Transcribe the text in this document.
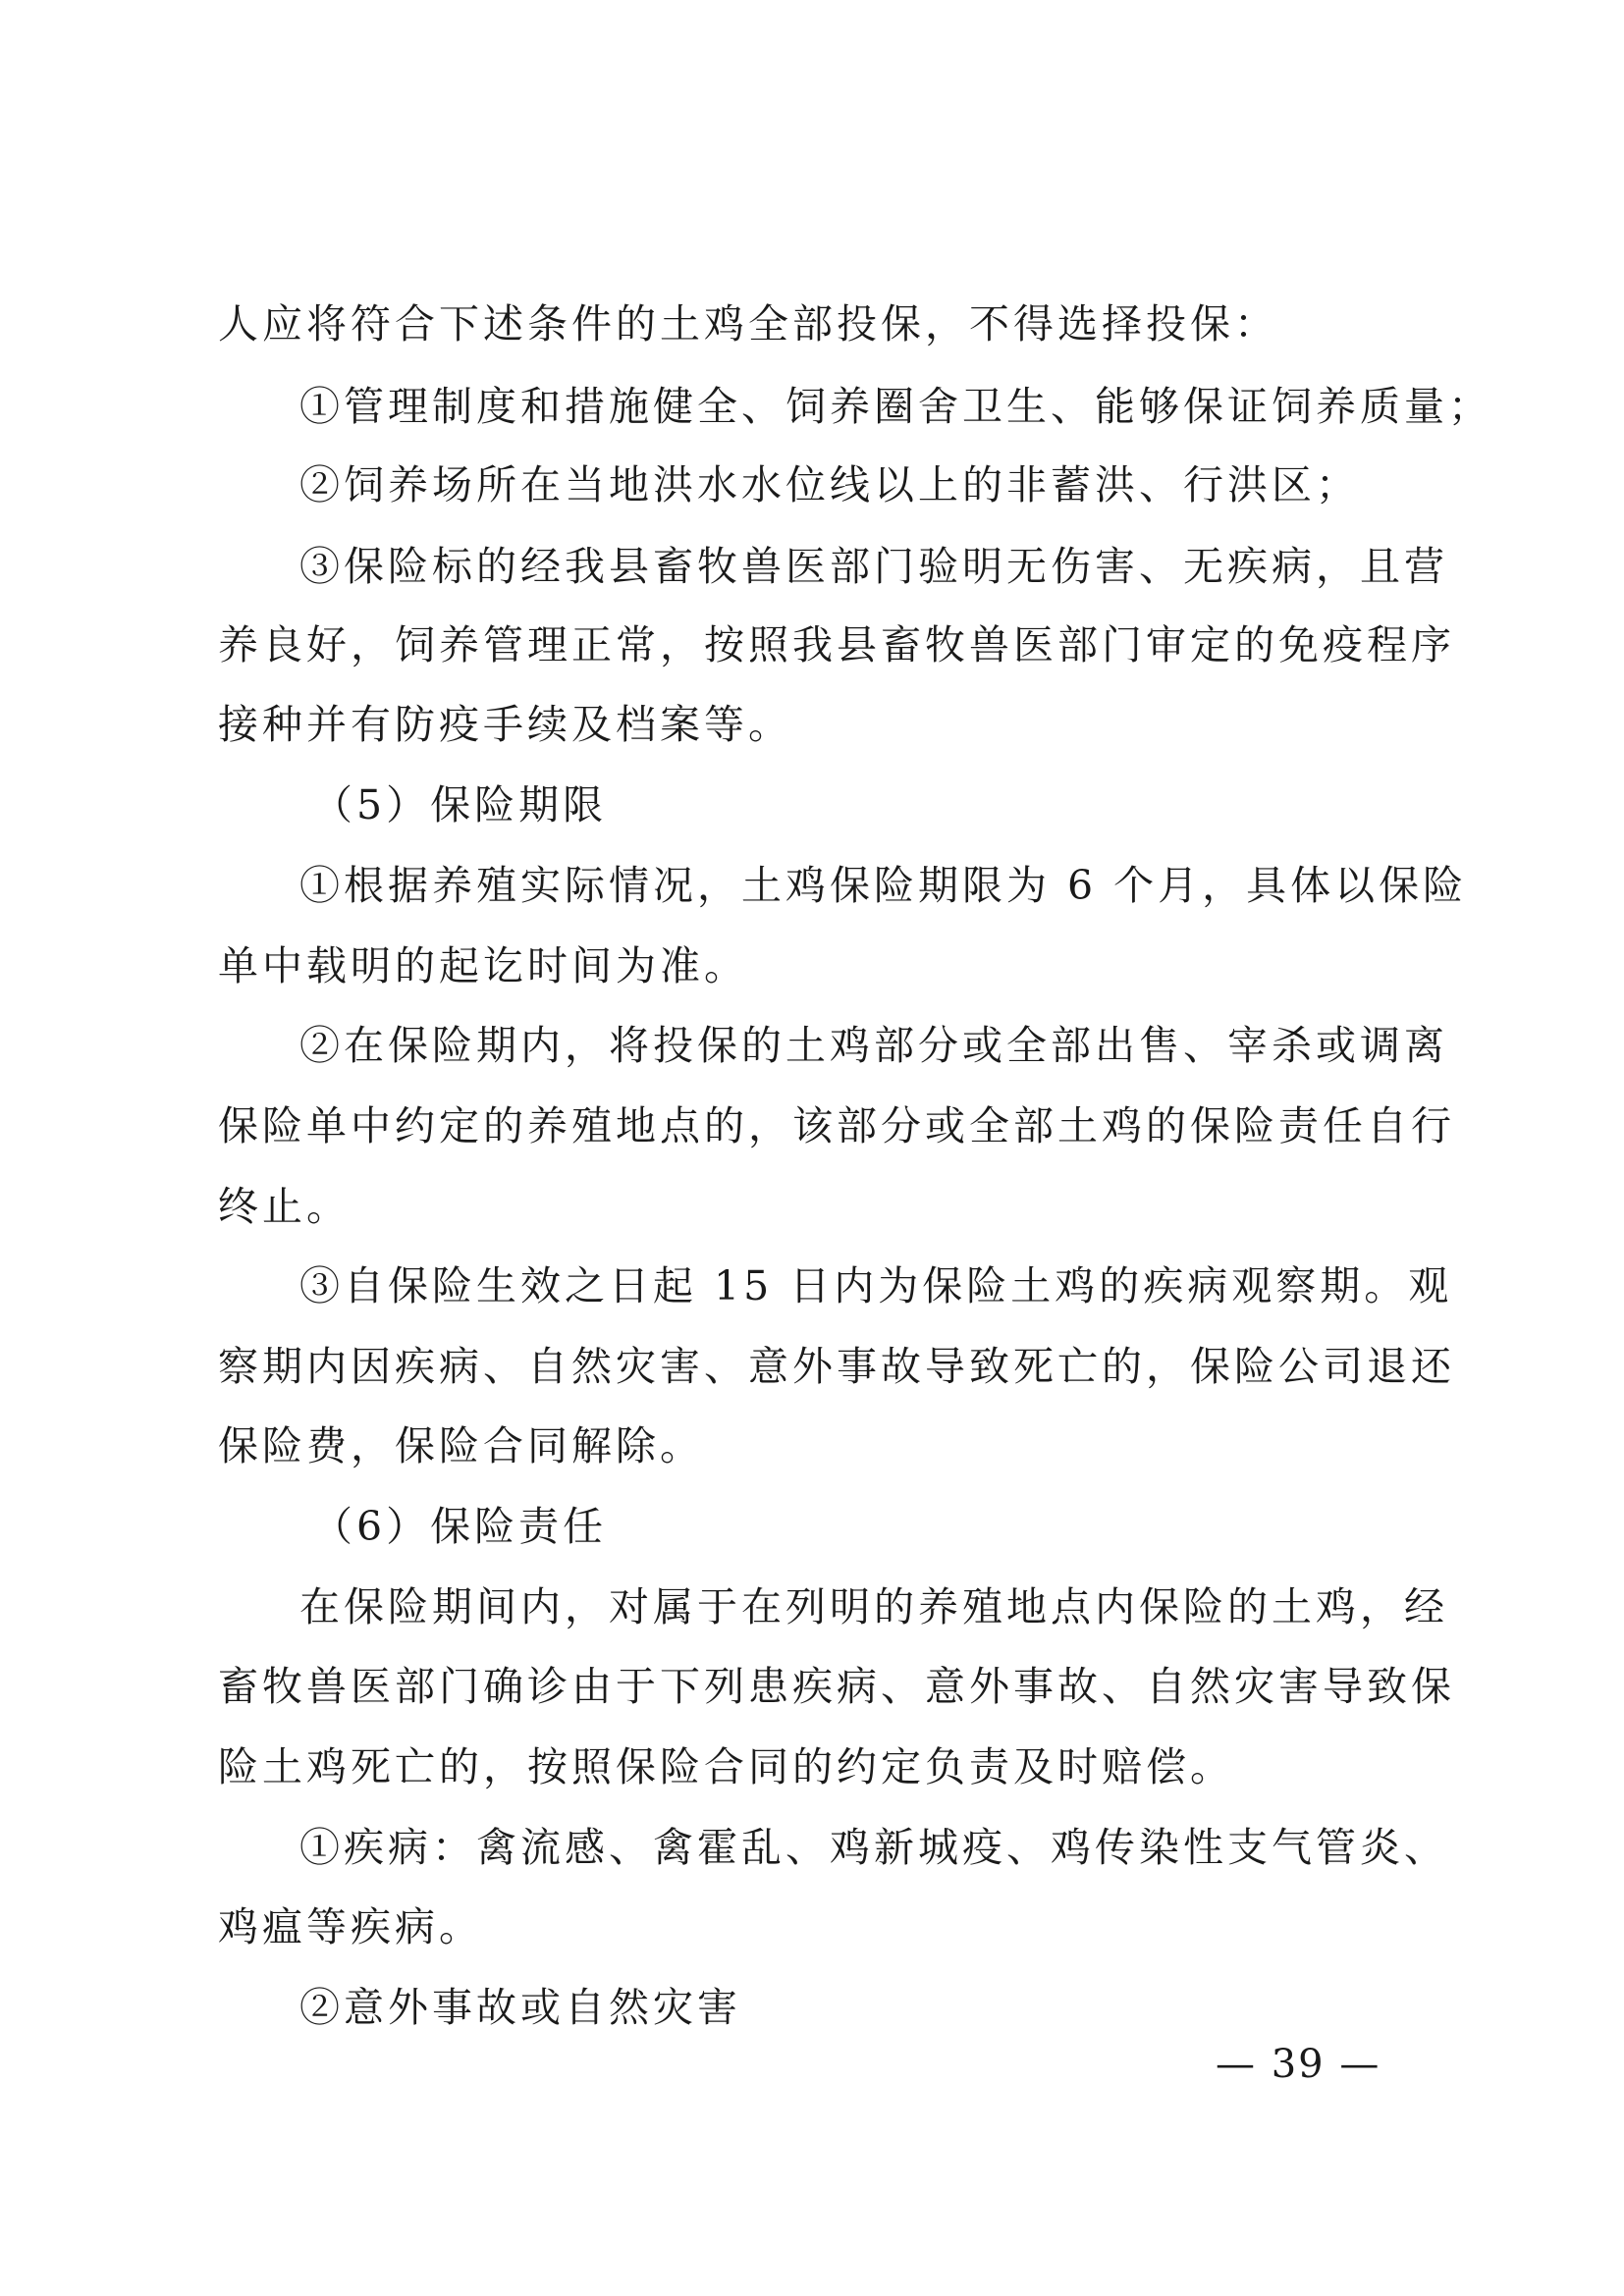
人应将符合下述条件的土鸡全部投保，不得选择投保：
①管理制度和措施健全、饲养圈舍卫生、能够保证饲养质量；
②饲养场所在当地洪水水位线以上的非蓄洪、行洪区；
③保险标的经我县畜牧兽医部门验明无伤害、无疾病，且营
养良好，饲养管理正常，按照我县畜牧兽医部门审定的免疫程序
接种并有防疫手续及档案等。
（5）保险期限
①根据养殖实际情况，土鸡保险期限为 6 个月，具体以保险
单中载明的起讫时间为准。
②在保险期内，将投保的土鸡部分或全部出售、宰杀或调离
保险单中约定的养殖地点的，该部分或全部土鸡的保险责任自行
终止。
③自保险生效之日起 15 日内为保险土鸡的疾病观察期。观
察期内因疾病、自然灾害、意外事故导致死亡的，保险公司退还
保险费，保险合同解除。
（6）保险责任
在保险期间内，对属于在列明的养殖地点内保险的土鸡，经
畜牧兽医部门确诊由于下列患疾病、意外事故、自然灾害导致保
险土鸡死亡的，按照保险合同的约定负责及时赔偿。
①疾病：禽流感、禽霍乱、鸡新城疫、鸡传染性支气管炎、
鸡瘟等疾病。
②意外事故或自然灾害
— 39 —
